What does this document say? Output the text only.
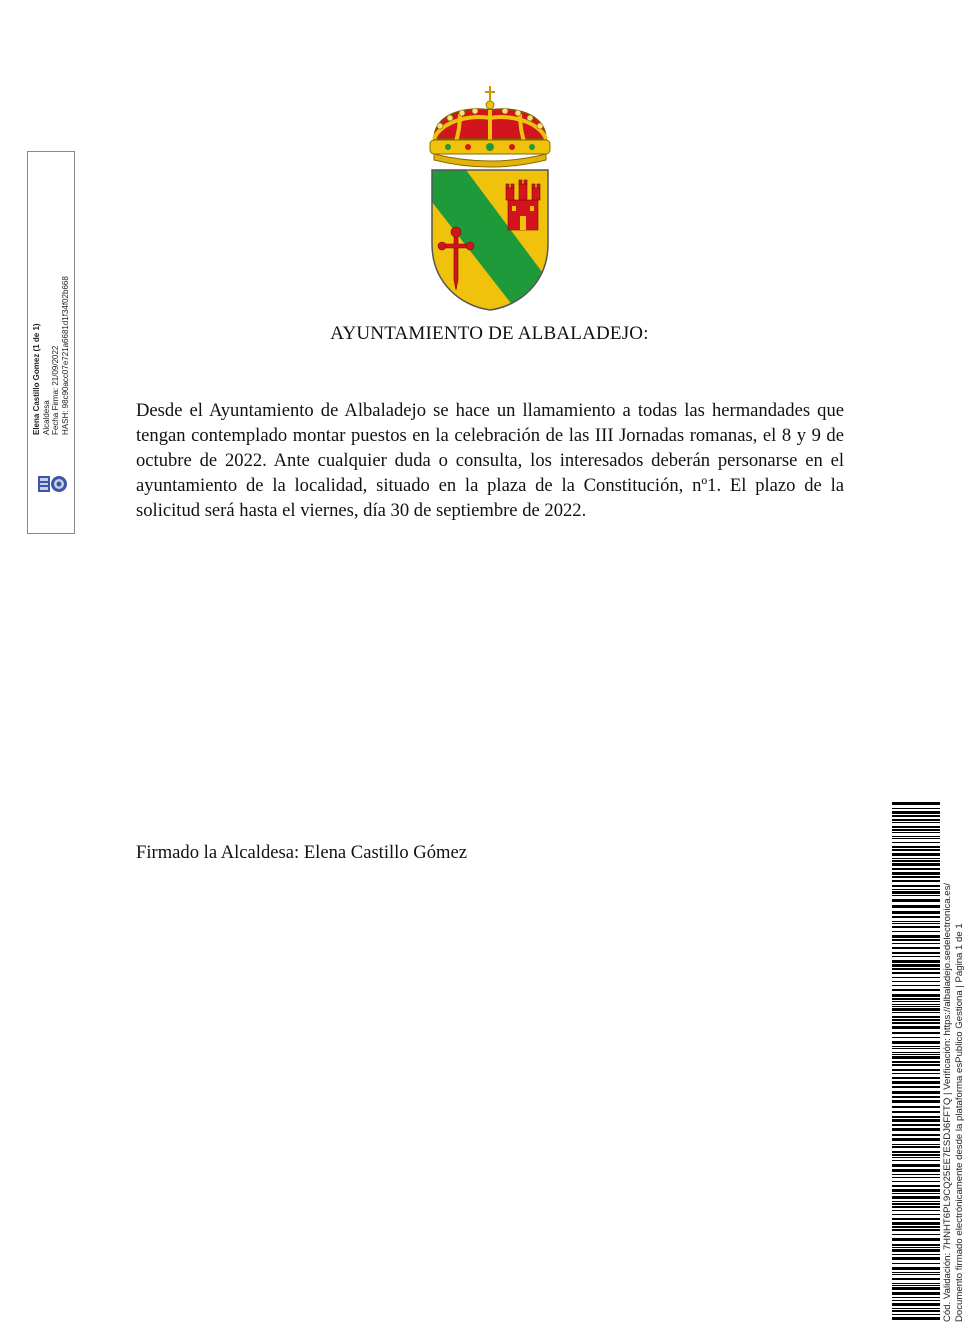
AYUNTAMIENTO DE ALBALADEJO:

Desde el Ayuntamiento de Albaladejo se hace un llamamiento a todas las hermandades que tengan contemplado montar puestos en la celebración de las III Jornadas romanas, el 8 y 9 de octubre de 2022. Ante cualquier duda o consulta, los interesados deberán personarse en el ayuntamiento de la localidad, situado en la plaza de la Constitución, nº1. El plazo de la solicitud será hasta el viernes, día 30 de septiembre de 2022.

Firmado la Alcaldesa: Elena Castillo Gómez
Elena Castillo Gomez (1 de 1) Alcaldesa Fecha Firma: 21/09/2022 HASH: 98c90acc07e721a6681d1f34f02b668
Cód. Validación: 7HNHT6PL9CQ25EE7ESDJ6FFTQ | Verificación: https://albaladejo.sedelectronica.es/ Documento firmado electrónicamente desde la plataforma esPublico Gestiona | Página 1 de 1
